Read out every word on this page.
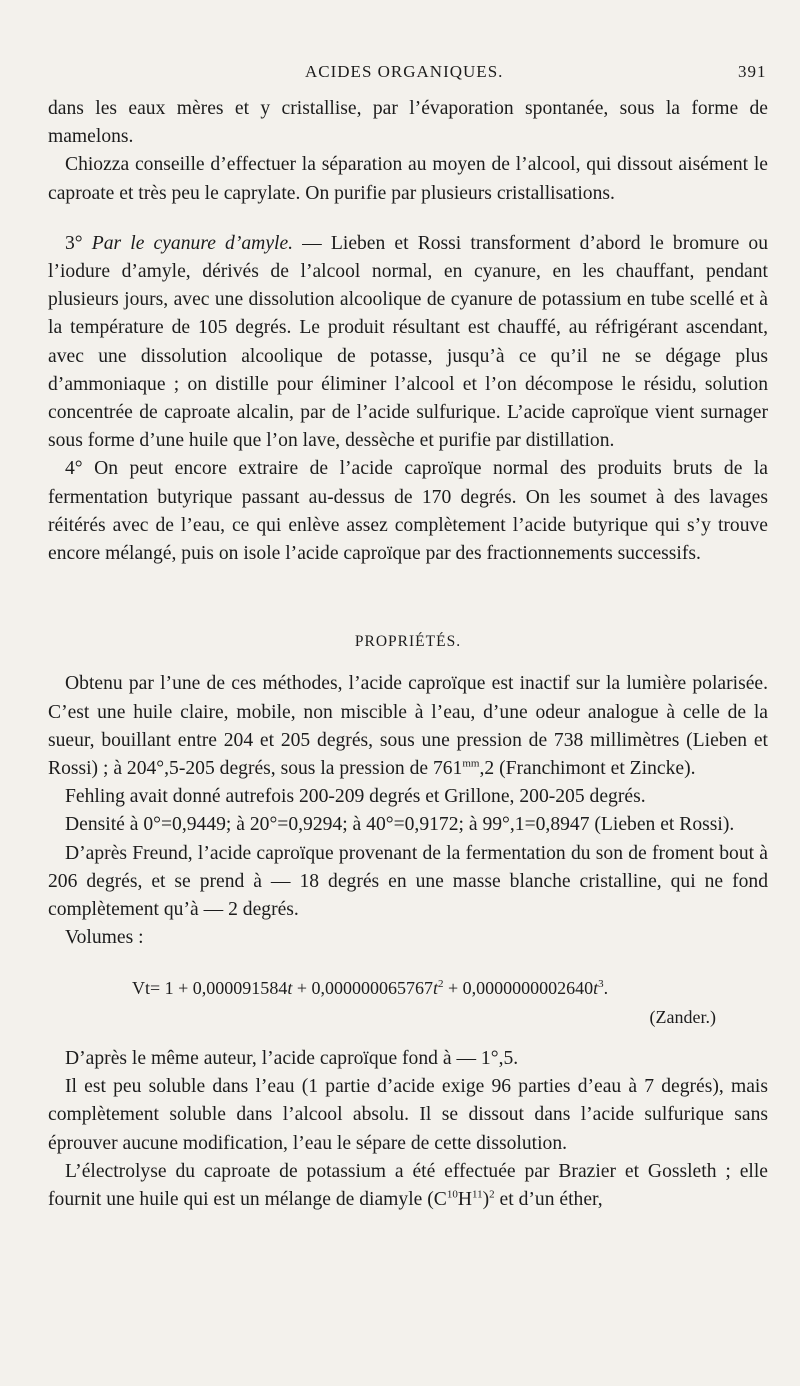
ACIDES ORGANIQUES.	391

dans les eaux mères et y cristallise, par l’évaporation spontanée, sous la forme de mamelons.

Chiozza conseille d’effectuer la séparation au moyen de l’alcool, qui dissout aisément le caproate et très peu le caprylate. On purifie par plusieurs cristallisations.

3° Par le cyanure d’amyle. — Lieben et Rossi transforment d’abord le bromure ou l’iodure d’amyle, dérivés de l’alcool normal, en cyanure, en les chauffant, pendant plusieurs jours, avec une dissolution alcoolique de cyanure de potassium en tube scellé et à la température de 105 degrés. Le produit résultant est chauffé, au réfrigérant ascendant, avec une dissolution alcoolique de potasse, jusqu’à ce qu’il ne se dégage plus d’ammoniaque ; on distille pour éliminer l’alcool et l’on décompose le résidu, solution concentrée de caproate alcalin, par de l’acide sulfurique. L’acide caproïque vient surnager sous forme d’une huile que l’on lave, dessèche et purifie par distillation.

4° On peut encore extraire de l’acide caproïque normal des produits bruts de la fermentation butyrique passant au-dessus de 170 degrés. On les soumet à des lavages réitérés avec de l’eau, ce qui enlève assez complètement l’acide butyrique qui s’y trouve encore mélangé, puis on isole l’acide caproïque par des fractionnements successifs.

PROPRIÉTÉS.

Obtenu par l’une de ces méthodes, l’acide caproïque est inactif sur la lumière polarisée. C’est une huile claire, mobile, non miscible à l’eau, d’une odeur analogue à celle de la sueur, bouillant entre 204 et 205 degrés, sous une pression de 738 millimètres (Lieben et Rossi) ; à 204°,5-205 degrés, sous la pression de $761^{mm},2$ (Franchimont et Zincke).

Fehling avait donné autrefois 200-209 degrés et Grillone, 200-205 degrés.

Densité à 0°=0,9449; à 20°=0,9294; à 40°=0,9172; à 99°,1=0,8947 (Lieben et Rossi).

D’après Freund, l’acide caproïque provenant de la fermentation du son de froment bout à 206 degrés, et se prend à — 18 degrés en une masse blanche cristalline, qui ne fond complètement qu’à — 2 degrés.

Volumes :

$Vt= 1 + 0,000091584t + 0,000000065767t^2 + 0,0000000002640t^3$.

(Zander.)

D’après le même auteur, l’acide caproïque fond à — 1°,5.

Il est peu soluble dans l’eau (1 partie d’acide exige 96 parties d’eau à 7 degrés), mais complètement soluble dans l’alcool absolu. Il se dissout dans l’acide sulfurique sans éprouver aucune modification, l’eau le sépare de cette dissolution.

L’électrolyse du caproate de potassium a été effectuée par Brazier et Gossleth ; elle fournit une huile qui est un mélange de diamyle $(C^{10}H^{11})^2$ et d’un éther,
